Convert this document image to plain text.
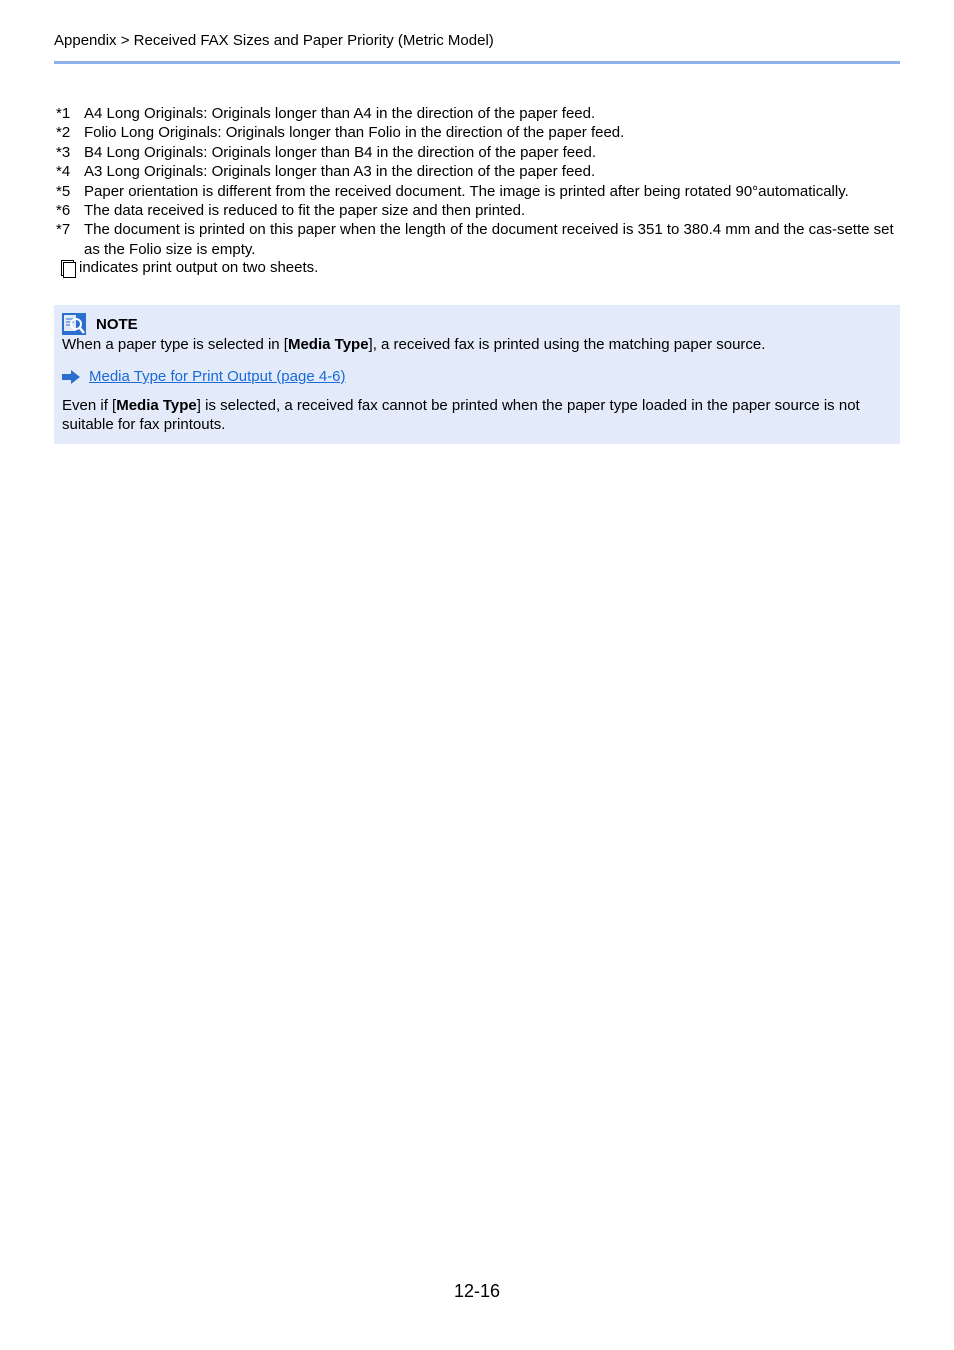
Appendix > Received FAX Sizes and Paper Priority (Metric Model)
*1 A4 Long Originals: Originals longer than A4 in the direction of the paper feed.
*2 Folio Long Originals: Originals longer than Folio in the direction of the paper feed.
*3 B4 Long Originals: Originals longer than B4 in the direction of the paper feed.
*4 A3 Long Originals: Originals longer than A3 in the direction of the paper feed.
*5 Paper orientation is different from the received document. The image is printed after being rotated 90°automatically.
*6 The data received is reduced to fit the paper size and then printed.
*7 The document is printed on this paper when the length of the document received is 351 to 380.4 mm and the cas-sette set as the Folio size is empty.
indicates print output on two sheets.
NOTE
When a paper type is selected in [Media Type], a received fax is printed using the matching paper source.
Media Type for Print Output (page 4-6)
Even if [Media Type] is selected, a received fax cannot be printed when the paper type loaded in the paper source is not suitable for fax printouts.
12-16
